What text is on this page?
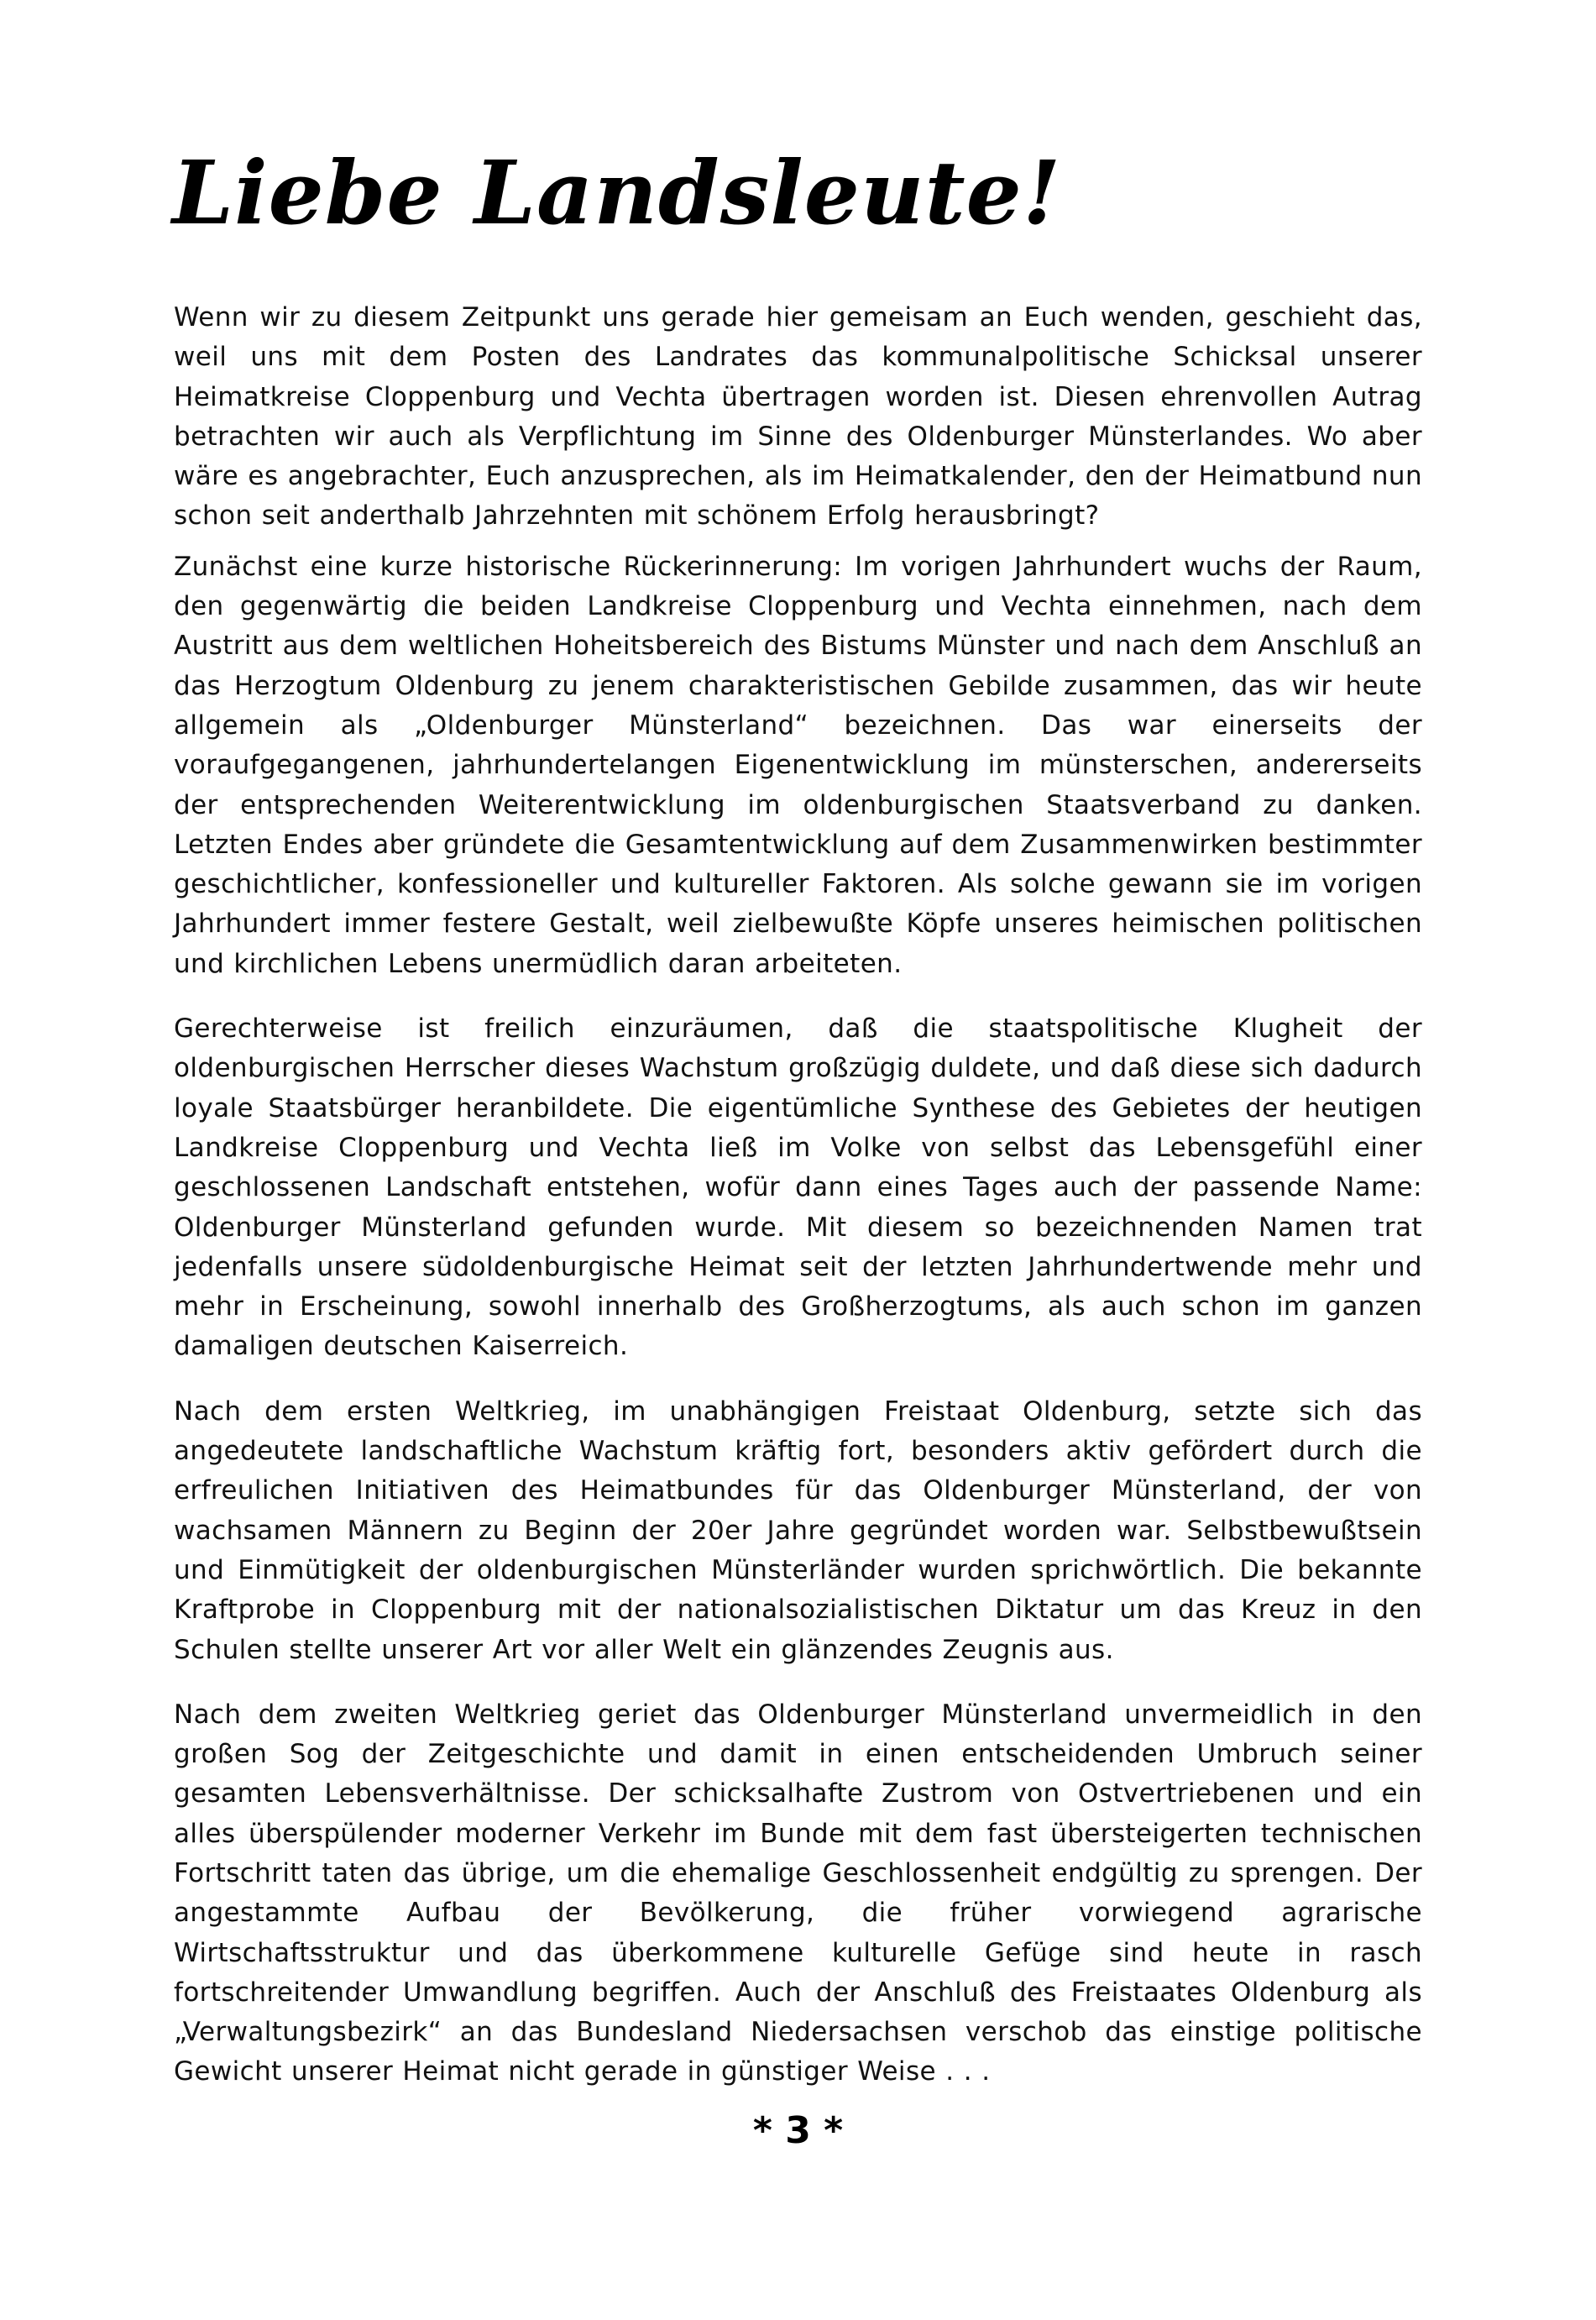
Liebe Landsleute!

Wenn wir zu diesem Zeitpunkt uns gerade hier gemeisam an Euch wenden, geschieht das, weil uns mit dem Posten des Landrates das kommunalpolitische Schicksal unserer Heimatkreise Cloppenburg und Vechta übertragen worden ist. Diesen ehrenvollen Autrag betrachten wir auch als Verpflichtung im Sinne des Oldenburger Münsterlandes. Wo aber wäre es angebrachter, Euch anzusprechen, als im Heimatkalender, den der Heimatbund nun schon seit anderthalb Jahrzehnten mit schönem Erfolg herausbringt?

Zunächst eine kurze historische Rückerinnerung: Im vorigen Jahrhundert wuchs der Raum, den gegenwärtig die beiden Landkreise Cloppenburg und Vechta einnehmen, nach dem Austritt aus dem weltlichen Hoheitsbereich des Bistums Münster und nach dem Anschluß an das Herzogtum Oldenburg zu jenem charakteristischen Gebilde zusammen, das wir heute allgemein als „Oldenburger Münsterland“ bezeichnen. Das war einerseits der voraufgegangenen, jahrhundertelangen Eigenentwicklung im münsterschen, andererseits der entsprechenden Weiterentwicklung im oldenburgischen Staatsverband zu danken. Letzten Endes aber gründete die Gesamtentwicklung auf dem Zusammenwirken bestimmter geschichtlicher, konfessioneller und kultureller Faktoren. Als solche gewann sie im vorigen Jahrhundert immer festere Gestalt, weil zielbewußte Köpfe unseres heimischen politischen und kirchlichen Lebens unermüdlich daran arbeiteten.

Gerechterweise ist freilich einzuräumen, daß die staatspolitische Klugheit der oldenburgischen Herrscher dieses Wachstum großzügig duldete, und daß diese sich dadurch loyale Staatsbürger heranbildete. Die eigentümliche Synthese des Gebietes der heutigen Landkreise Cloppenburg und Vechta ließ im Volke von selbst das Lebensgefühl einer geschlossenen Landschaft entstehen, wofür dann eines Tages auch der passende Name: Oldenburger Münsterland gefunden wurde. Mit diesem so bezeichnenden Namen trat jedenfalls unsere südoldenburgische Heimat seit der letzten Jahrhundertwende mehr und mehr in Erscheinung, sowohl innerhalb des Großherzogtums, als auch schon im ganzen damaligen deutschen Kaiserreich.

Nach dem ersten Weltkrieg, im unabhängigen Freistaat Oldenburg, setzte sich das angedeutete landschaftliche Wachstum kräftig fort, besonders aktiv gefördert durch die erfreulichen Initiativen des Heimatbundes für das Oldenburger Münsterland, der von wachsamen Männern zu Beginn der 20er Jahre gegründet worden war. Selbstbewußtsein und Einmütigkeit der oldenburgischen Münsterländer wurden sprichwörtlich. Die bekannte Kraftprobe in Cloppenburg mit der nationalsozialistischen Diktatur um das Kreuz in den Schulen stellte unserer Art vor aller Welt ein glänzendes Zeugnis aus.

Nach dem zweiten Weltkrieg geriet das Oldenburger Münsterland unvermeidlich in den großen Sog der Zeitgeschichte und damit in einen entscheidenden Umbruch seiner gesamten Lebensverhältnisse. Der schicksalhafte Zustrom von Ostvertriebenen und ein alles überspülender moderner Verkehr im Bunde mit dem fast übersteigerten technischen Fortschritt taten das übrige, um die ehemalige Geschlossenheit endgültig zu sprengen. Der angestammte Aufbau der Bevölkerung, die früher vorwiegend agrarische Wirtschaftsstruktur und das überkommene kulturelle Gefüge sind heute in rasch fortschreitender Umwandlung begriffen. Auch der Anschluß des Freistaates Oldenburg als „Verwaltungsbezirk“ an das Bundesland Niedersachsen verschob das einstige politische Gewicht unserer Heimat nicht gerade in günstiger Weise . . .

* 3 *
